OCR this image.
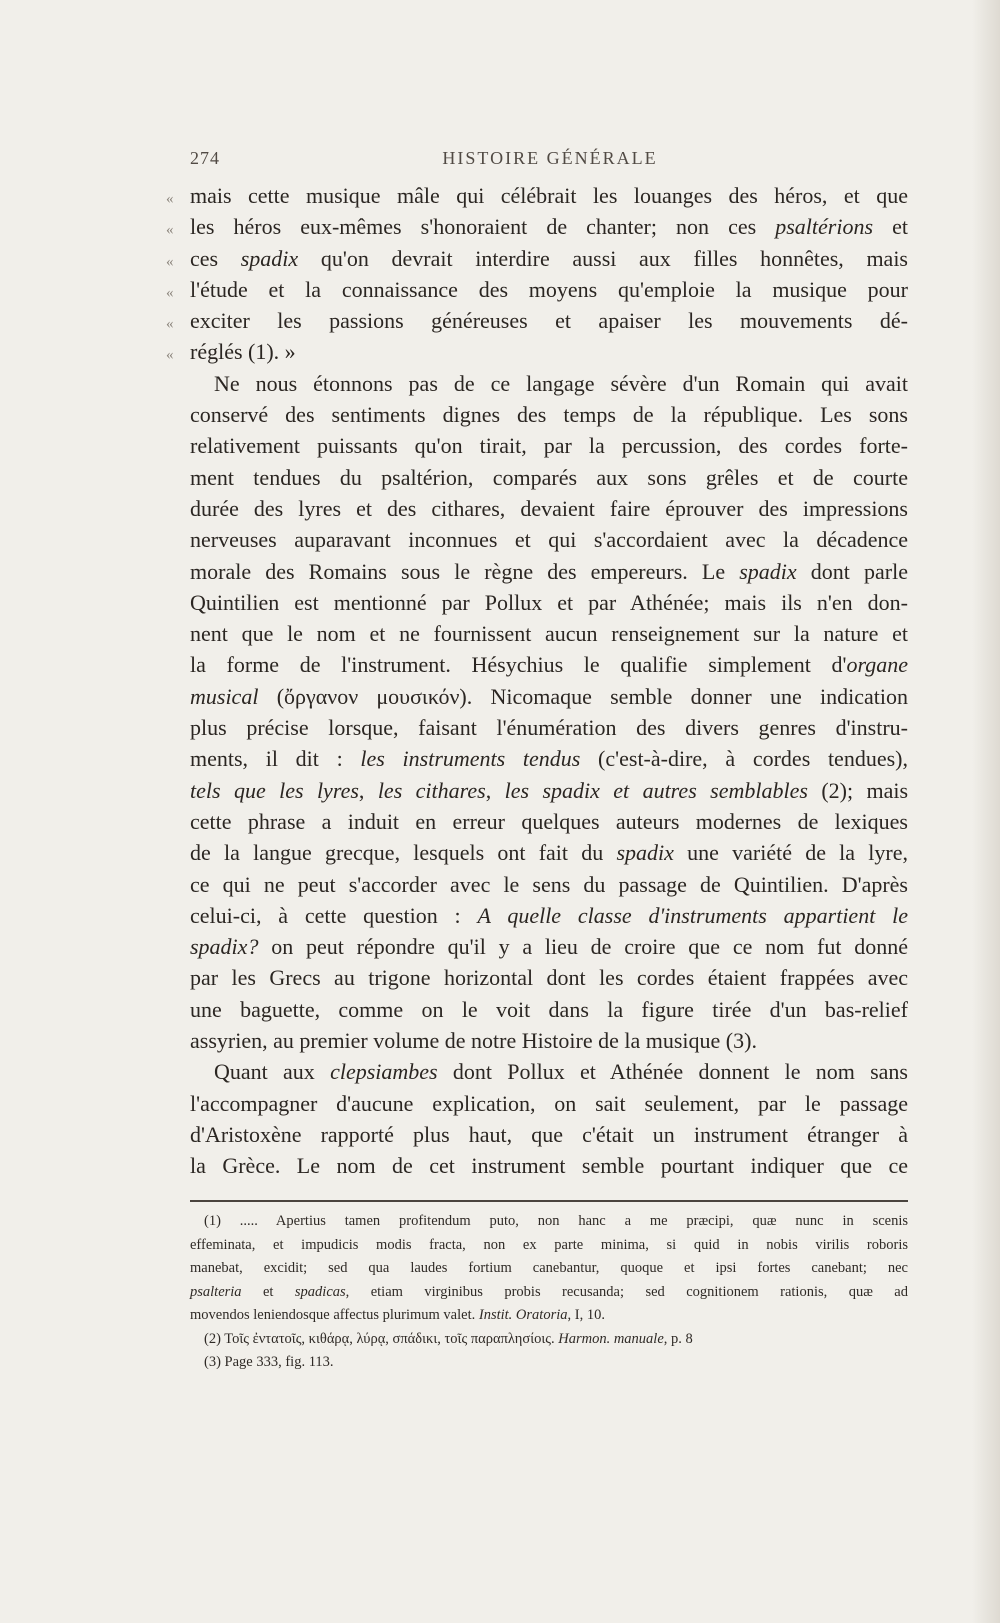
274	HISTOIRE GÉNÉRALE
« mais cette musique mâle qui célébrait les louanges des héros, et que
« les héros eux-mêmes s'honoraient de chanter; non ces psaltérions et
« ces spadix qu'on devrait interdire aussi aux filles honnêtes, mais
« l'étude et la connaissance des moyens qu'emploie la musique pour
« exciter les passions généreuses et apaiser les mouvements dé-
« réglés (1). »
Ne nous étonnons pas de ce langage sévère d'un Romain qui avait
conservé des sentiments dignes des temps de la république. Les sons
relativement puissants qu'on tirait, par la percussion, des cordes forte-
ment tendues du psaltérion, comparés aux sons grêles et de courte
durée des lyres et des cithares, devaient faire éprouver des impressions
nerveuses auparavant inconnues et qui s'accordaient avec la décadence
morale des Romains sous le règne des empereurs. Le spadix dont parle
Quintilien est mentionné par Pollux et par Athénée; mais ils n'en don-
nent que le nom et ne fournissent aucun renseignement sur la nature et
la forme de l'instrument. Hésychius le qualifie simplement d'organe
musical (ὄργανον μουσικόν). Nicomaque semble donner une indication
plus précise lorsque, faisant l'énumération des divers genres d'instru-
ments, il dit : les instruments tendus (c'est-à-dire, à cordes tendues),
tels que les lyres, les cithares, les spadix et autres semblables (2); mais
cette phrase a induit en erreur quelques auteurs modernes de lexiques
de la langue grecque, lesquels ont fait du spadix une variété de la lyre,
ce qui ne peut s'accorder avec le sens du passage de Quintilien. D'après
celui-ci, à cette question : A quelle classe d'instruments appartient le
spadix? on peut répondre qu'il y a lieu de croire que ce nom fut donné
par les Grecs au trigone horizontal dont les cordes étaient frappées avec
une baguette, comme on le voit dans la figure tirée d'un bas-relief
assyrien, au premier volume de notre Histoire de la musique (3).
Quant aux clepsiambes dont Pollux et Athénée donnent le nom sans
l'accompagner d'aucune explication, on sait seulement, par le passage
d'Aristoxène rapporté plus haut, que c'était un instrument étranger à
la Grèce. Le nom de cet instrument semble pourtant indiquer que ce
(1) ..... Apertius tamen profitendum puto, non hanc a me præcipi, quæ nunc in scenis
effeminata, et impudicis modis fracta, non ex parte minima, si quid in nobis virilis roboris
manebat, excidit; sed qua laudes fortium canebantur, quoque et ipsi fortes canebant; nec
psalteria et spadicas, etiam virginibus probis recusanda; sed cognitionem rationis, quæ ad
movendos leniendosque affectus plurimum valet. Instit. Oratoria, I, 10.
(2) Τοῖς ἐντατοῖς, κιθάρᾳ, λύρᾳ, σπάδικι, τοῖς παραπλησίοις. Harmon. manuale, p. 8
(3) Page 333, fig. 113.
